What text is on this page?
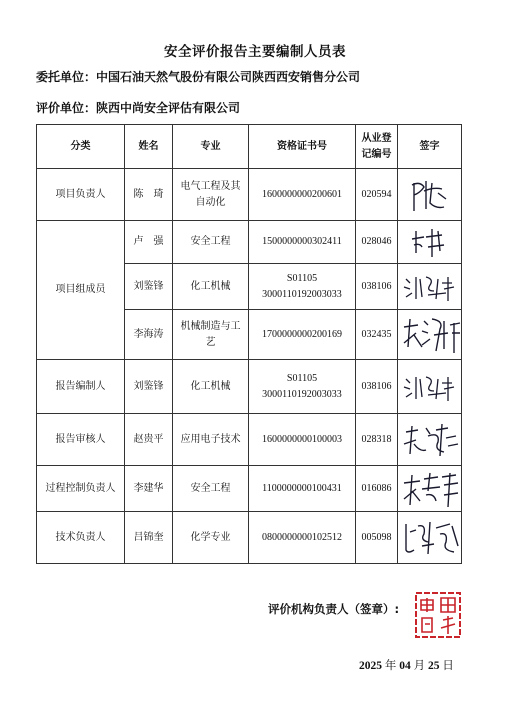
安全评价报告主要编制人员表
委托单位：中国石油天然气股份有限公司陕西西安销售分公司
评价单位：陕西中尚安全评估有限公司
分类	姓名	专业	资格证书号	从业登
记编号	签字
项目负责人	陈　琦	电气工程及其
自动化	1600000000200601	020594	

项目组成员	卢　强	安全工程	1500000000302411	028046	

	刘鉴锋	化工机械	S01105
3000110192003033	038106	

	李海涛	机械制造与工
艺	1700000000200169	032435	

报告编制人	刘鉴锋	化工机械	S01105
3000110192003033	038106	

报告审核人	赵贵平	应用电子技术	1600000000100003	028318	

过程控制负责人	李建华	安全工程	1100000000100431	016086	

技术负责人	吕锦奎	化学专业	0800000000102512	005098	
评价机构负责人（签章）:
2025 年 04 月 25 日
